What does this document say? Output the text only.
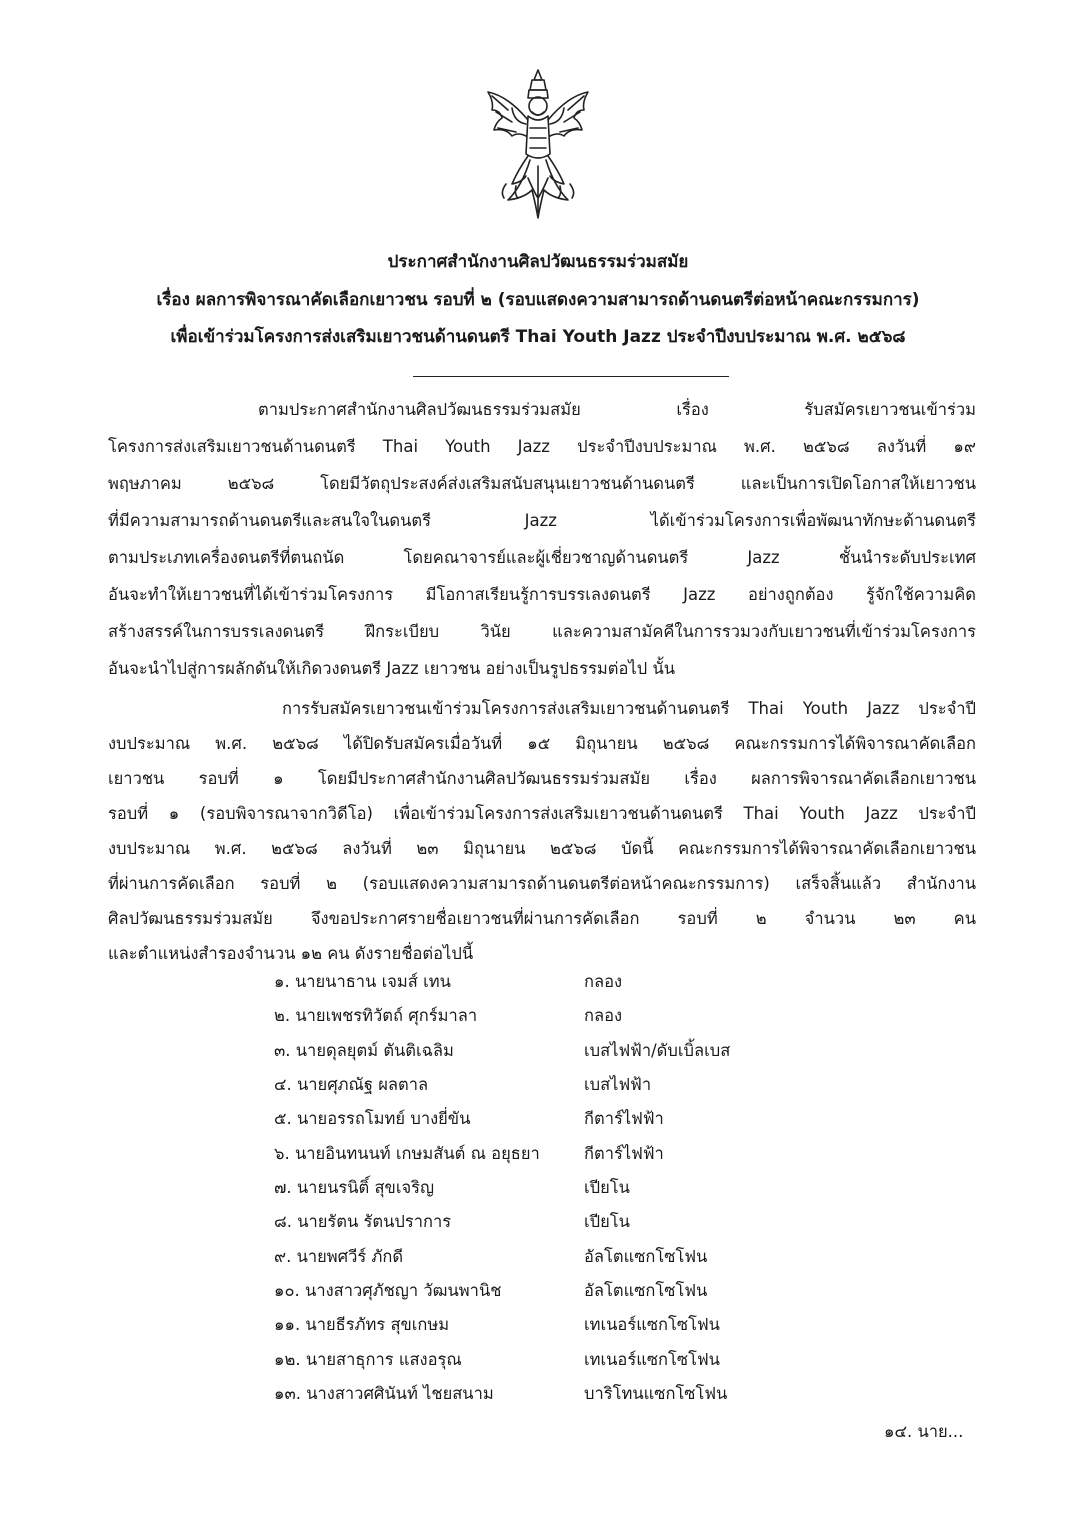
ประกาศสำนักงานศิลปวัฒนธรรมร่วมสมัย
เรื่อง ผลการพิจารณาคัดเลือกเยาวชน รอบที่ ๒ (รอบแสดงความสามารถด้านดนตรีต่อหน้าคณะกรรมการ)
เพื่อเข้าร่วมโครงการส่งเสริมเยาวชนด้านดนตรี Thai Youth Jazz ประจำปีงบประมาณ พ.ศ. ๒๕๖๘
ตามประกาศสำนักงานศิลปวัฒนธรรมร่วมสมัย เรื่อง รับสมัครเยาวชนเข้าร่วม
โครงการส่งเสริมเยาวชนด้านดนตรี Thai Youth Jazz ประจำปีงบประมาณ พ.ศ. ๒๕๖๘ ลงวันที่ ๑๙
พฤษภาคม ๒๕๖๘ โดยมีวัตถุประสงค์ส่งเสริมสนับสนุนเยาวชนด้านดนตรี และเป็นการเปิดโอกาสให้เยาวชน
ที่มีความสามารถด้านดนตรีและสนใจในดนตรี Jazz ได้เข้าร่วมโครงการเพื่อพัฒนาทักษะด้านดนตรี
ตามประเภทเครื่องดนตรีที่ตนถนัด โดยคณาจารย์และผู้เชี่ยวชาญด้านดนตรี Jazz ชั้นนำระดับประเทศ
อันจะทำให้เยาวชนที่ได้เข้าร่วมโครงการ มีโอกาสเรียนรู้การบรรเลงดนตรี Jazz อย่างถูกต้อง รู้จักใช้ความคิด
สร้างสรรค์ในการบรรเลงดนตรี ฝึกระเบียบ วินัย และความสามัคคีในการรวมวงกับเยาวชนที่เข้าร่วมโครงการ
อันจะนำไปสู่การผลักดันให้เกิดวงดนตรี Jazz เยาวชน อย่างเป็นรูปธรรมต่อไป นั้น
การรับสมัครเยาวชนเข้าร่วมโครงการส่งเสริมเยาวชนด้านดนตรี Thai Youth Jazz ประจำปี
งบประมาณ พ.ศ. ๒๕๖๘ ได้ปิดรับสมัครเมื่อวันที่ ๑๕ มิถุนายน ๒๕๖๘ คณะกรรมการได้พิจารณาคัดเลือก
เยาวชน รอบที่ ๑ โดยมีประกาศสำนักงานศิลปวัฒนธรรมร่วมสมัย เรื่อง ผลการพิจารณาคัดเลือกเยาวชน
รอบที่ ๑ (รอบพิจารณาจากวิดีโอ) เพื่อเข้าร่วมโครงการส่งเสริมเยาวชนด้านดนตรี Thai Youth Jazz ประจำปี
งบประมาณ พ.ศ. ๒๕๖๘ ลงวันที่ ๒๓ มิถุนายน ๒๕๖๘ บัดนี้ คณะกรรมการได้พิจารณาคัดเลือกเยาวชน
ที่ผ่านการคัดเลือก รอบที่ ๒ (รอบแสดงความสามารถด้านดนตรีต่อหน้าคณะกรรมการ) เสร็จสิ้นแล้ว สำนักงาน
ศิลปวัฒนธรรมร่วมสมัย จึงขอประกาศรายชื่อเยาวชนที่ผ่านการคัดเลือก รอบที่ ๒ จำนวน ๒๓ คน
และตำแหน่งสำรองจำนวน ๑๒ คน ดังรายชื่อต่อไปนี้
๑. นายนาธาน เจมส์ เทน	กลอง
๒. นายเพชรทิวัตถ์ ศุกร์มาลา	กลอง
๓. นายดุลยุตม์ ตันติเฉลิม	เบสไฟฟ้า/ดับเบิ้ลเบส
๔. นายศุภณัฐ ผลตาล	เบสไฟฟ้า
๕. นายอรรถโมทย์ บางยี่ขัน	กีตาร์ไฟฟ้า
๖. นายอินทนนท์ เกษมสันต์ ณ อยุธยา	กีตาร์ไฟฟ้า
๗. นายนรนิติ์ สุขเจริญ	เปียโน
๘. นายรัตน รัตนปราการ	เปียโน
๙. นายพศวีร์ ภักดี	อัลโตแซกโซโฟน
๑๐. นางสาวศุภัชญา วัฒนพานิช	อัลโตแซกโซโฟน
๑๑. นายธีรภัทร สุขเกษม	เทเนอร์แซกโซโฟน
๑๒. นายสาธุการ แสงอรุณ	เทเนอร์แซกโซโฟน
๑๓. นางสาวศศินันท์ ไชยสนาม	บาริโทนแซกโซโฟน
๑๔. นาย...
